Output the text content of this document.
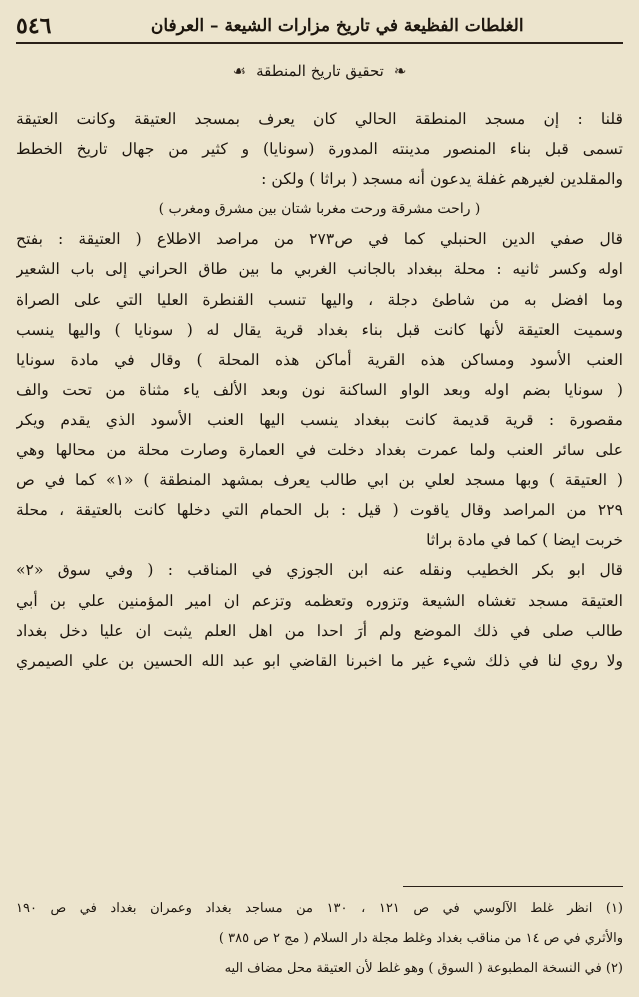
الغلطات الفظيعة في تاريخ مزارات الشيعة – العرفان
٥٤٦
❧
تحقيق تاريخ المنطقة
☙
قلنا : إن مسجد المنطقة الحالي كان يعرف بمسجد العتيقة وكانت العتيقة
تسمى قبل بناء المنصور مدينته المدورة (سونايا) و كثير من جهال تاريخ الخطط
والمقلدين لغيرهم غفلة يدعون أنه مسجد ( براثا ) ولكن :
( راحت مشرقة ورحت مغربا شتان بين مشرق ومغرب )
قال صفي الدين الحنبلي كما في ص٢٧٣ من مراصد الاطلاع ( العتيقة : بفتح
اوله وكسر ثانيه : محلة ببغداد بالجانب الغربي ما بين طاق الحراني إلى باب الشعير
وما افضل به من شاطئ دجلة ، واليها تنسب القنطرة العليا التي على الصراة
وسميت العتيقة لأنها كانت قبل بناء بغداد قرية يقال له ( سونايا ) واليها ينسب
العنب الأسود ومساكن هذه القرية أماكن هذه المحلة ) وقال في مادة سونايا
( سونايا بضم اوله وبعد الواو الساكنة نون وبعد الألف ياء مثناة من تحت والف
مقصورة : قرية قديمة كانت ببغداد ينسب اليها العنب الأسود الذي يقدم ويكر
على سائر العنب ولما عمرت بغداد دخلت في العمارة وصارت محلة من محالها وهي
( العتيقة ) وبها مسجد لعلي بن ابي طالب يعرف بمشهد المنطقة ) «١» كما في ص
٢٢٩ من المراصد وقال ياقوت ( قيل : بل الحمام التي دخلها كانت بالعتيقة ، محلة
خربت ايضا ) كما في مادة براثا
قال ابو بكر الخطيب ونقله عنه ابن الجوزي في المناقب : ( وفي سوق «٢»
العتيقة مسجد تغشاه الشيعة وتزوره وتعظمه وتزعم ان امير المؤمنين علي بن أبي
طالب صلى في ذلك الموضع ولم أرَ احدا من اهل العلم يثبت ان عليا دخل بغداد
ولا روي لنا في ذلك شيء غير ما اخبرنا القاضي ابو عبد الله الحسين بن علي الصيمري
(١) انظر غلط الآلوسي في ص ١٢١ ، ١٣٠ من مساجد بغداد وعمران بغداد في ص ١٩٠
والأثري في ص ١٤ من مناقب بغداد وغلط مجلة دار السلام ( مج ٢ ص ٣٨٥ )
(٢) في النسخة المطبوعة ( السوق ) وهو غلط لأن العتيقة محل مضاف اليه
